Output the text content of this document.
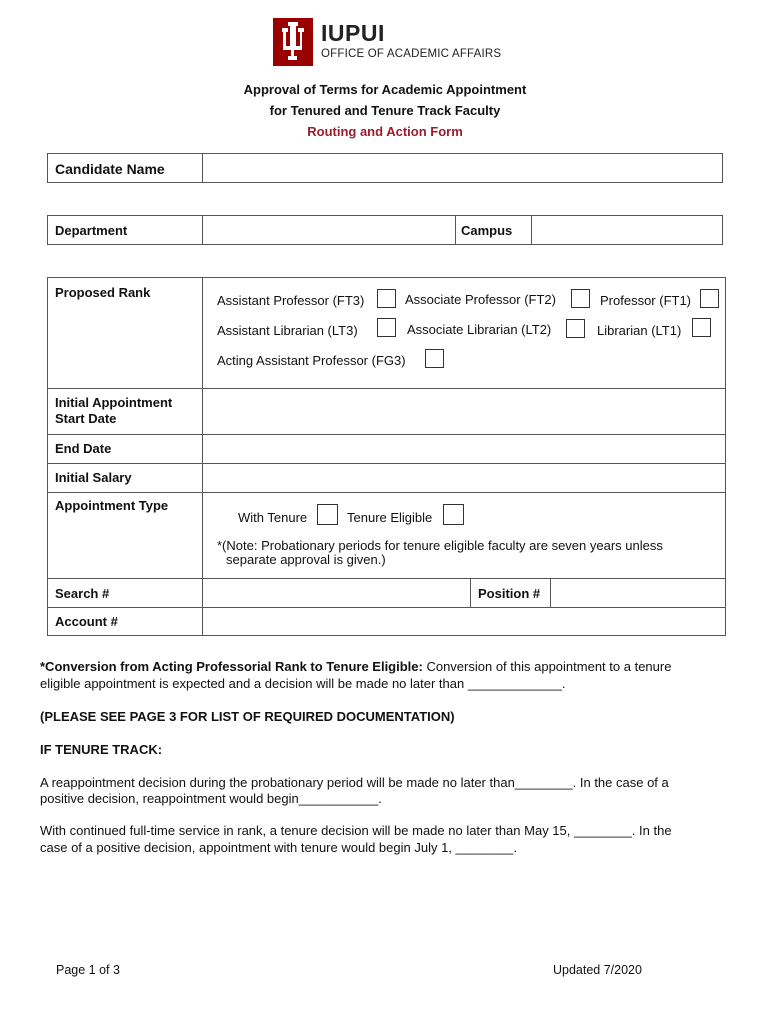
IUPUI
OFFICE OF ACADEMIC AFFAIRS
Approval of Terms for Academic Appointment
for Tenured and Tenure Track Faculty
Routing and Action Form
Candidate Name
Department	Campus
Proposed Rank
Assistant Professor (FT3)	Associate Professor (FT2)	Professor (FT1)
Assistant Librarian (LT3)	Associate Librarian (LT2)	Librarian (LT1)
Acting Assistant Professor (FG3)
Initial Appointment
Start Date
End Date
Initial Salary
Appointment Type
With Tenure	Tenure Eligible
*(Note: Probationary periods for tenure eligible faculty are seven years unless
separate approval is given.)
Search #	Position #
Account #
*Conversion from Acting Professorial Rank to Tenure Eligible: Conversion of this appointment to a tenure
eligible appointment is expected and a decision will be made no later than _____________.
(PLEASE SEE PAGE 3 FOR LIST OF REQUIRED DOCUMENTATION)
IF TENURE TRACK:
A reappointment decision during the probationary period will be made no later than________. In the case of a
positive decision, reappointment would begin___________.
With continued full-time service in rank, a tenure decision will be made no later than May 15, ________. In the
case of a positive decision, appointment with tenure would begin July 1, ________.
Page 1 of 3	Updated 7/2020
